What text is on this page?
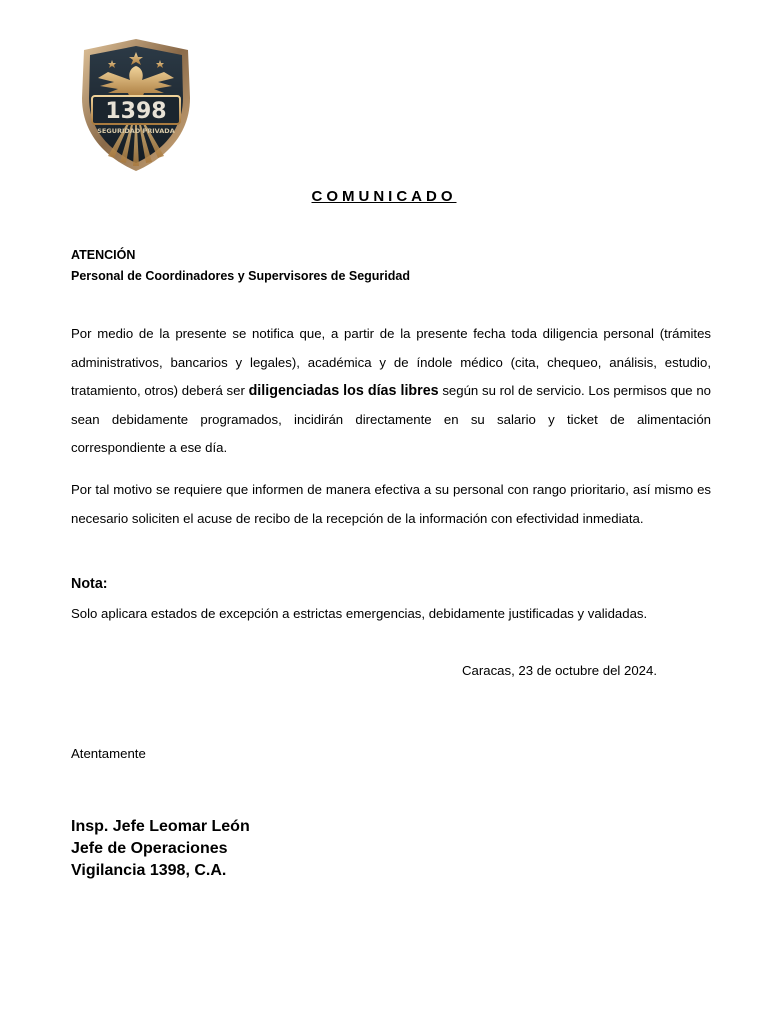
1398
SEGURIDAD PRIVADA
COMUNICADO
ATENCIÓN
Personal de Coordinadores y Supervisores de Seguridad

Por medio de la presente se notifica que, a partir de la presente fecha toda diligencia personal (trámites administrativos, bancarios y legales), académica y de índole médico (cita, chequeo, análisis, estudio, tratamiento, otros) deberá ser diligenciadas los días libres según su rol de servicio. Los permisos que no sean debidamente programados, incidirán directamente en su salario y ticket de alimentación correspondiente a ese día.

Por tal motivo se requiere que informen de manera efectiva a su personal con rango prioritario, así mismo es necesario soliciten el acuse de recibo de la recepción de la información con efectividad inmediata.

Nota:
Solo aplicara estados de excepción a estrictas emergencias, debidamente justificadas y validadas.
Caracas, 23 de octubre del 2024.
Atentamente
Insp. Jefe Leomar León
Jefe de Operaciones
Vigilancia 1398, C.A.
